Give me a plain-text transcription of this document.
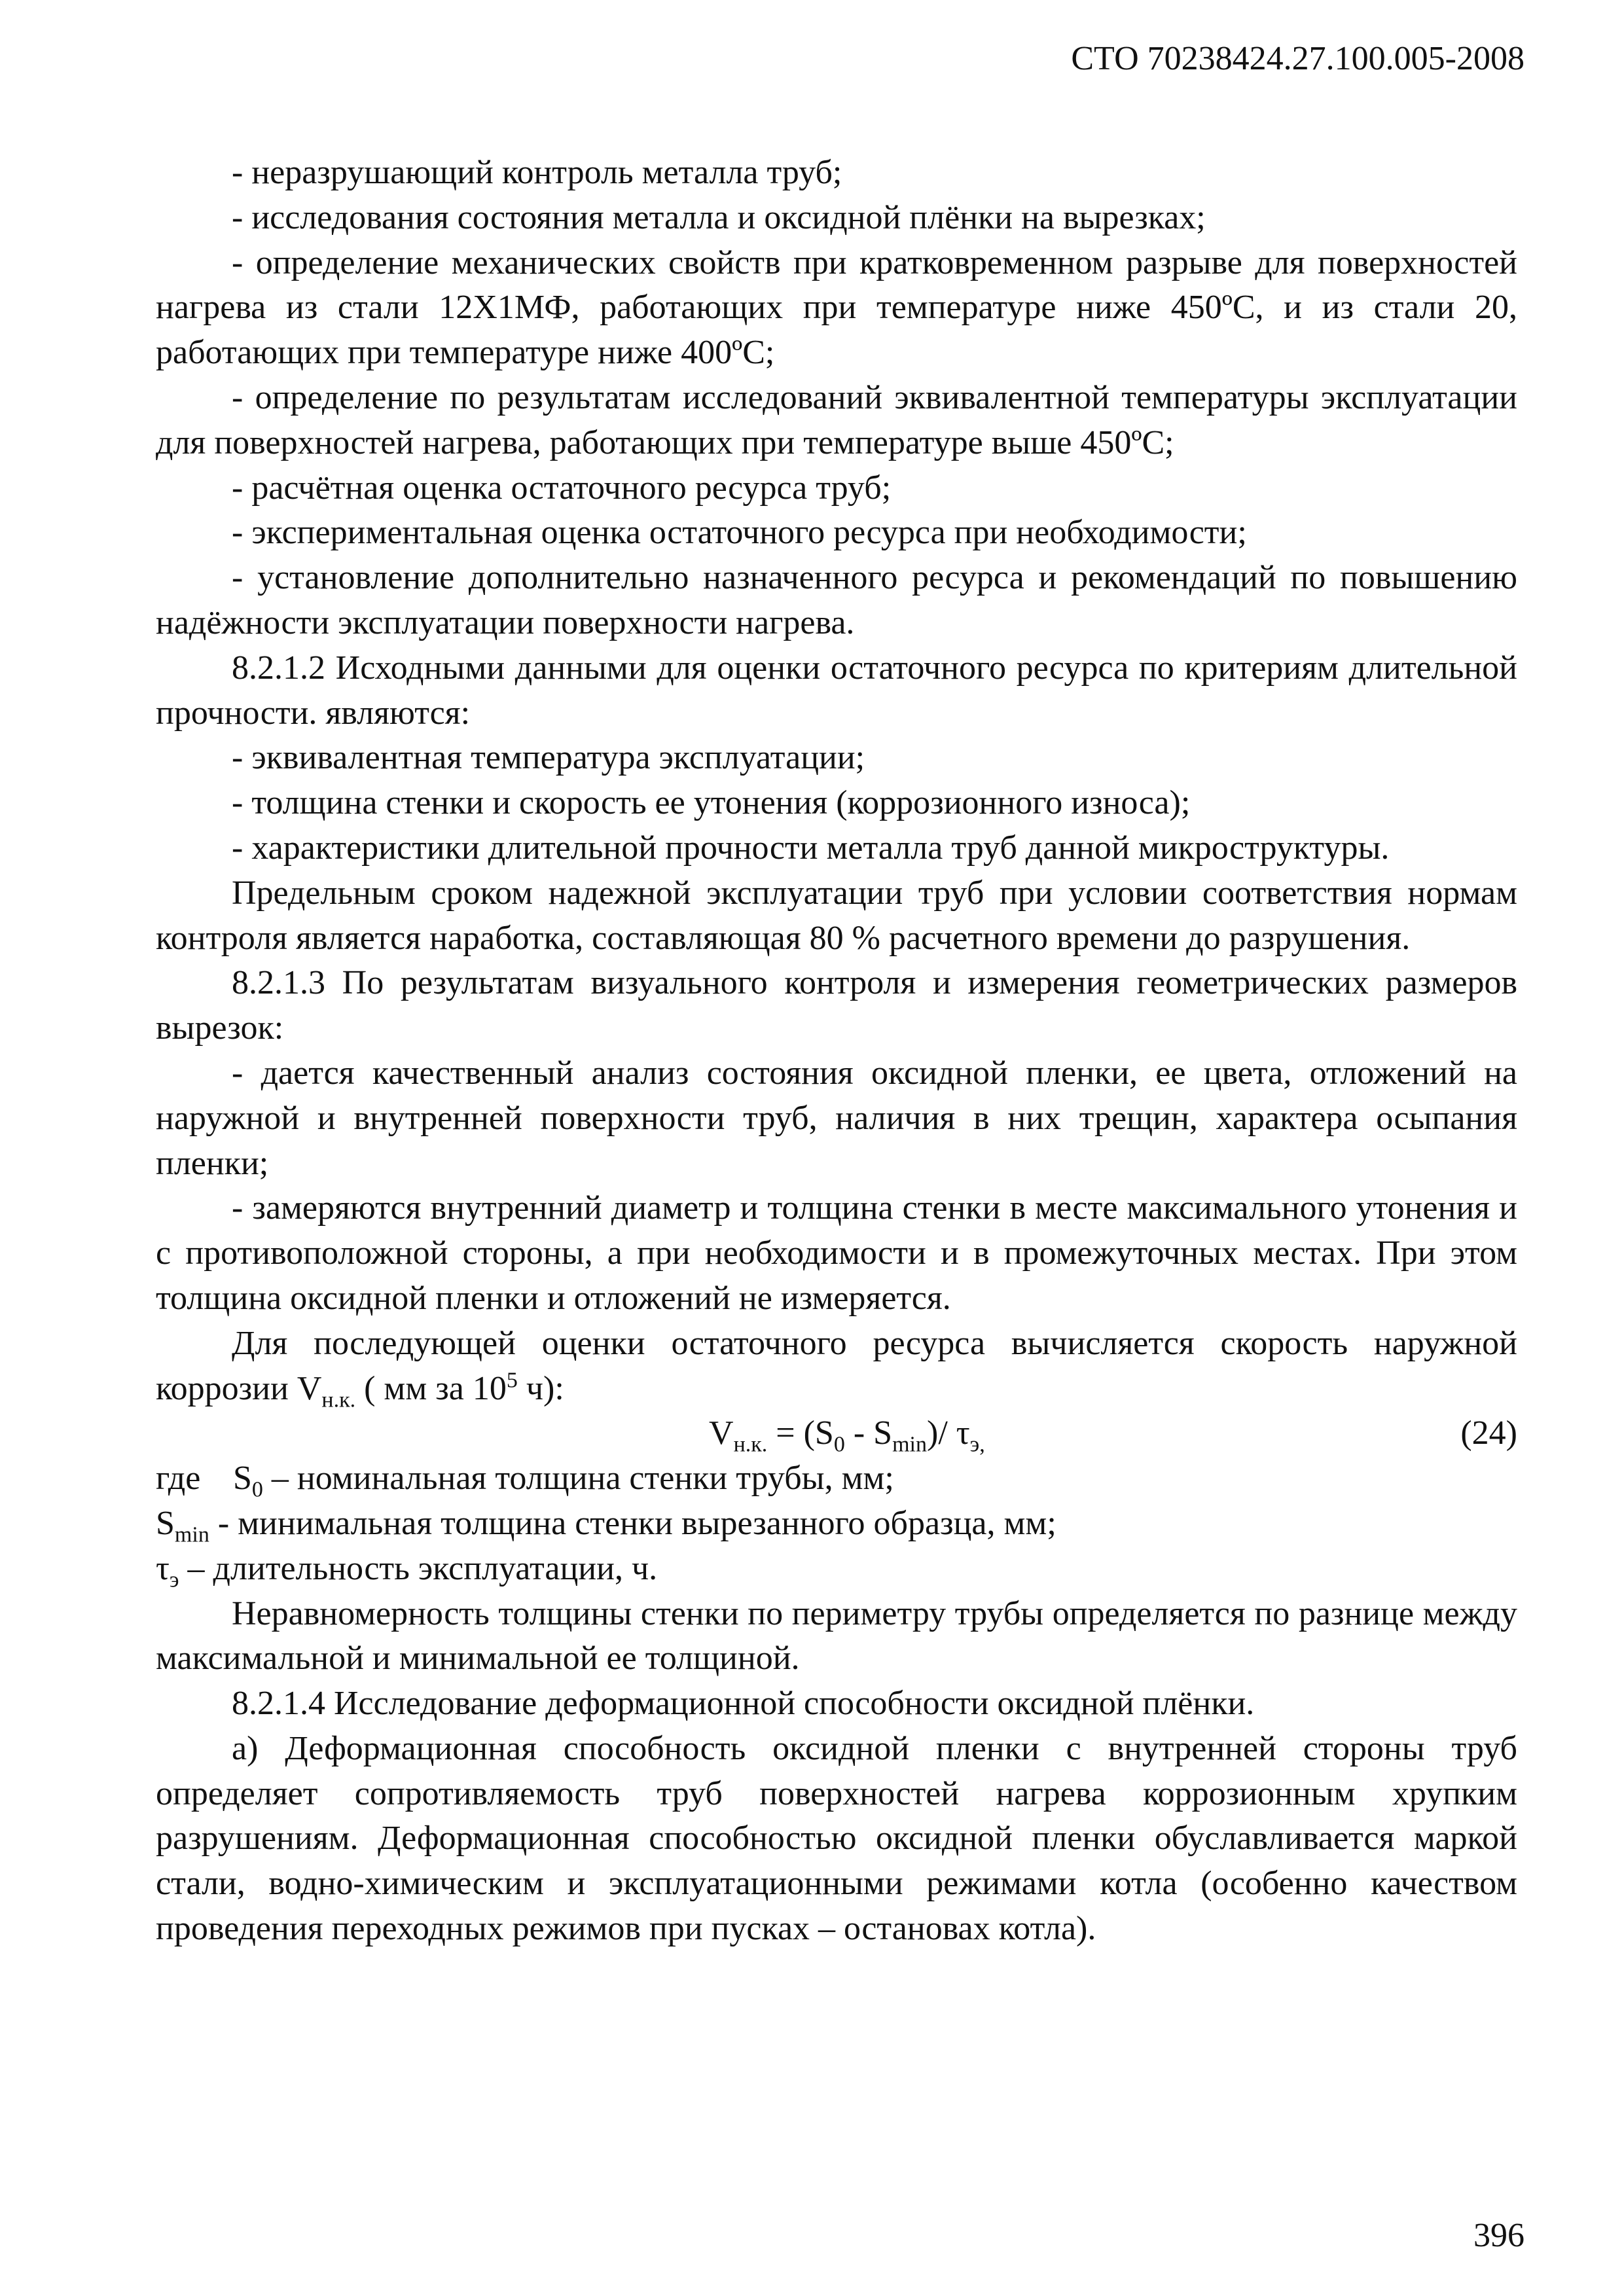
СТО 70238424.27.100.005-2008

- неразрушающий контроль металла труб;

- исследования состояния металла и оксидной плёнки на вырезках;

- определение механических свойств при кратковременном разрыве для поверхностей нагрева из стали 12Х1МФ, работающих при температуре ниже 450ºС, и из стали 20, работающих при температуре ниже 400ºС;

- определение по результатам исследований эквивалентной температуры эксплуатации для поверхностей нагрева, работающих при температуре выше 450ºС;

- расчётная оценка остаточного ресурса труб;

- экспериментальная оценка остаточного ресурса при необходимости;

- установление дополнительно назначенного ресурса и рекомендаций по повышению надёжности эксплуатации поверхности нагрева.

8.2.1.2 Исходными данными для оценки остаточного ресурса по критериям длительной прочности. являются:

- эквивалентная температура эксплуатации;

- толщина стенки и скорость ее утонения (коррозионного износа);

- характеристики длительной прочности металла труб данной микроструктуры.

Предельным сроком надежной эксплуатации труб при условии соответствия нормам контроля является наработка, составляющая 80 % расчетного времени до разрушения.

8.2.1.3 По результатам визуального контроля и измерения геометрических размеров вырезок:

- дается качественный анализ состояния оксидной пленки, ее цвета, отложений на наружной и внутренней поверхности труб, наличия в них трещин, характера осыпания пленки;

- замеряются внутренний диаметр и толщина стенки в месте максимального утонения и с противоположной стороны, а при необходимости и в промежуточных местах. При этом толщина оксидной пленки и отложений не измеряется.

Для последующей оценки остаточного ресурса вычисляется скорость наружной коррозии $V_{н.к.}$ ( мм за $10^5$ ч):

$V_{н.к.} = (S_0 - S_{min})/$ $\tau_{э,}$	(24)
где $S_0$ – номинальная толщина стенки трубы, мм;

$S_{min}$ - минимальная толщина стенки вырезанного образца, мм;

$\tau_э$ – длительность эксплуатации, ч.

Неравномерность толщины стенки по периметру трубы определяется по разнице между максимальной и минимальной ее толщиной.

8.2.1.4 Исследование деформационной способности оксидной плёнки.

а) Деформационная способность оксидной пленки с внутренней стороны труб определяет сопротивляемость труб поверхностей нагрева коррозионным хрупким разрушениям. Деформационная способностью оксидной пленки обуславливается маркой стали, водно-химическим и эксплуатационными режимами котла (особенно качеством проведения переходных режимов при пусках – остановах котла).

396
